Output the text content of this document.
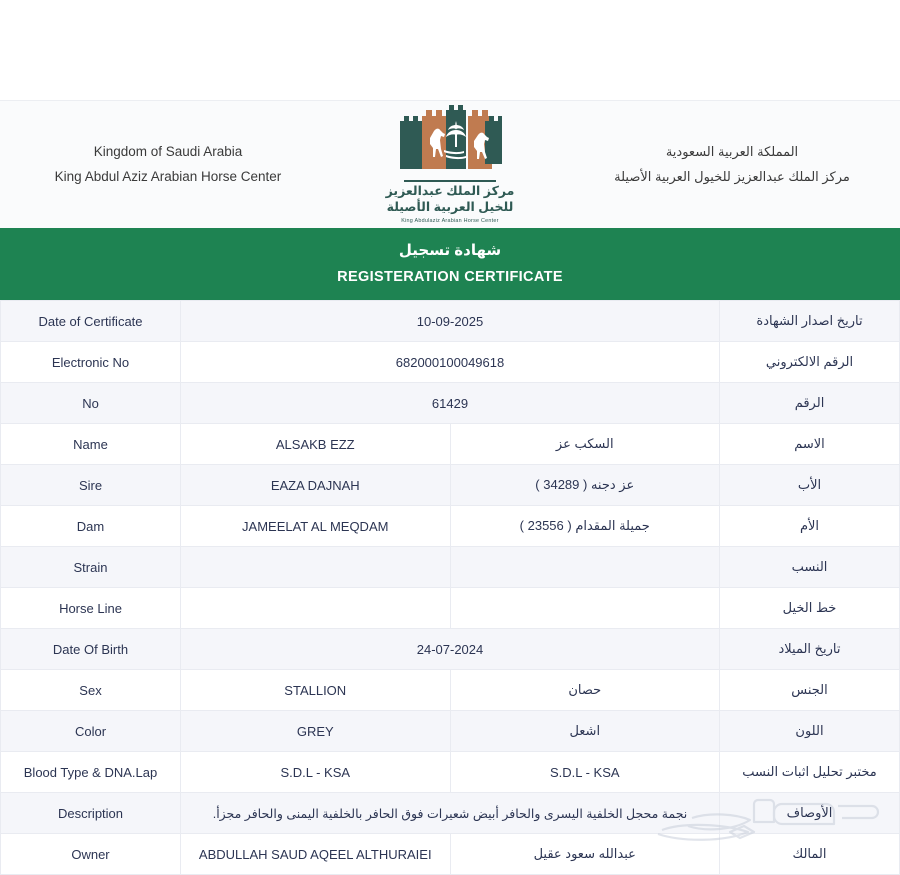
Kingdom of Saudi Arabia
King Abdul Aziz Arabian Horse Center
مركز الملك عبدالعزيز
للخيل العربية الأصيلة
King Abdulaziz Arabian Horse Center
المملكة العربية السعودية
مركز الملك عبدالعزيز للخيول العربية الأصيلة
شهادة تسجيل
REGISTERATION CERTIFICATE
Date of Certificate	10-09-2025		تاريخ اصدار الشهادة
Electronic No	682000100049618		الرقم الالكتروني
No	61429		الرقم
Name	ALSAKB EZZ	السكب عز	الاسم
Sire	EAZA DAJNAH	عز دجنه ( 34289 )	الأب
Dam	JAMEELAT AL MEQDAM	جميلة المقدام ( 23556 )	الأم
Strain			النسب
Horse Line			خط الخيل
Date Of Birth	24-07-2024		تاريخ الميلاد
Sex	STALLION	حصان	الجنس
Color	GREY	اشعل	اللون
Blood Type & DNA.Lap	S.D.L - KSA	S.D.L - KSA	مختبر تحليل اثبات النسب
Description	نجمة محجل الخلفية اليسرى والحافر أبيض شعيرات فوق الحافر بالخلفية اليمنى والحافر مجزأ.		الأوصاف
Owner	ABDULLAH SAUD AQEEL ALTHURAIEI	عبدالله سعود عقيل	المالك
